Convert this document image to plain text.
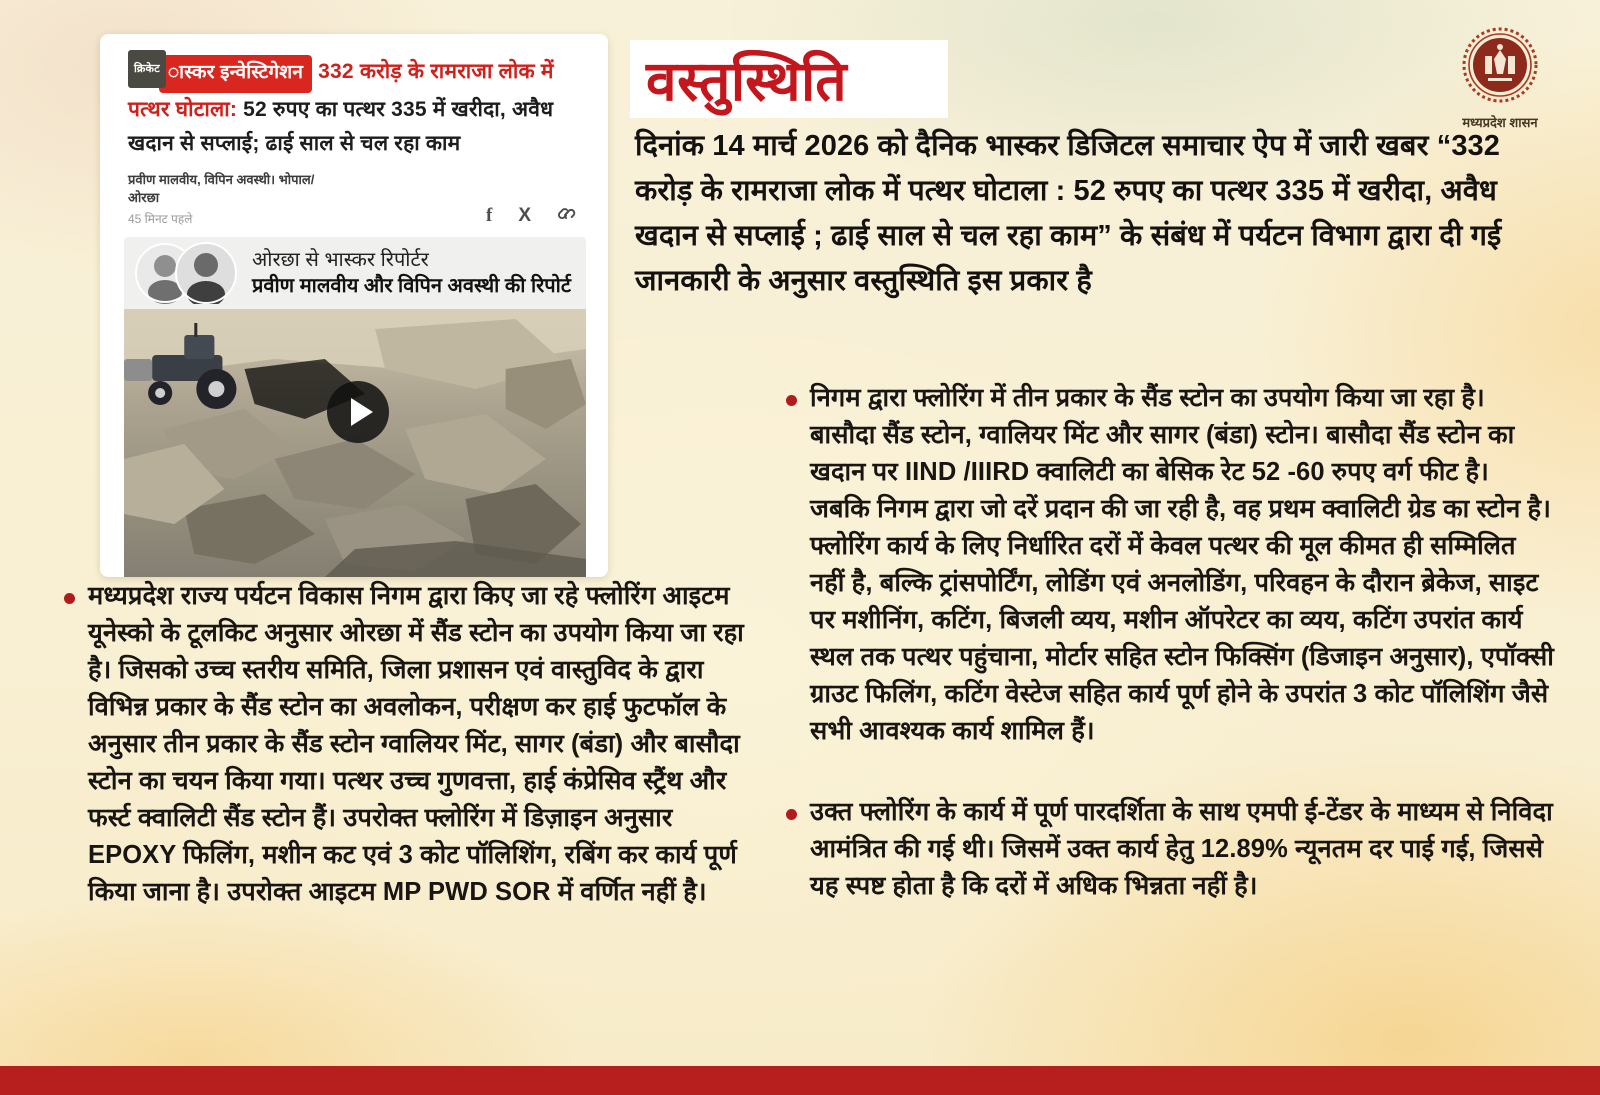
क्रिकेट ास्कर इन्वेस्टिगेशन 332 करोड़ के रामराजा लोक में पत्थर घोटाला: 52 रुपए का पत्थर 335 में खरीदा, अवैध खदान से सप्लाई; ढाई साल से चल रहा काम
प्रवीण मालवीय, विपिन अवस्थी। भोपाल/
ओरछा
45 मिनट पहले	f X
ओरछा से भास्कर रिपोर्टर
प्रवीण मालवीय और विपिन अवस्थी की रिपोर्ट
वस्तुस्थिति
दिनांक 14 मार्च 2026 को दैनिक भास्कर डिजिटल समाचार ऐप में जारी खबर “332 करोड़ के रामराजा लोक में पत्थर घोटाला : 52 रुपए का पत्थर 335 में खरीदा, अवैध खदान से सप्लाई ; ढाई साल से चल रहा काम” के संबंध में पर्यटन विभाग द्वारा दी गई जानकारी के अनुसार वस्तुस्थिति इस प्रकार है
निगम द्वारा फ्लोरिंग में तीन प्रकार के सैंड स्टोन का उपयोग किया जा रहा है। बासौदा सैंड स्टोन, ग्वालियर मिंट और सागर (बंडा) स्टोन। बासौदा सैंड स्टोन का खदान पर IIND /IIIRD क्वालिटी का बेसिक रेट 52 -60 रुपए वर्ग फीट है। जबकि निगम द्वारा जो दरें प्रदान की जा रही है, वह प्रथम क्वालिटी ग्रेड का स्टोन है। फ्लोरिंग कार्य के लिए निर्धारित दरों में केवल पत्थर की मूल कीमत ही सम्मिलित नहीं है, बल्कि ट्रांसपोर्टिंग, लोडिंग एवं अनलोडिंग, परिवहन के दौरान ब्रेकेज, साइट पर मशीनिंग, कटिंग, बिजली व्यय, मशीन ऑपरेटर का व्यय, कटिंग उपरांत कार्य स्थल तक पत्थर पहुंचाना, मोर्टार सहित स्टोन फिक्सिंग (डिजाइन अनुसार), एपॉक्सी ग्राउट फिलिंग, कटिंग वेस्टेज सहित कार्य पूर्ण होने के उपरांत 3 कोट पॉलिशिंग जैसे सभी आवश्यक कार्य शामिल हैं।
उक्त फ्लोरिंग के कार्य में पूर्ण पारदर्शिता के साथ एमपी ई-टेंडर के माध्यम से निविदा आमंत्रित की गई थी। जिसमें उक्त कार्य हेतु 12.89% न्यूनतम दर पाई गई, जिससे यह स्पष्ट होता है कि दरों में अधिक भिन्नता नहीं है।
मध्यप्रदेश राज्य पर्यटन विकास निगम द्वारा किए जा रहे फ्लोरिंग आइटम यूनेस्को के टूलकिट अनुसार ओरछा में सैंड स्टोन का उपयोग किया जा रहा है। जिसको उच्च स्तरीय समिति, जिला प्रशासन एवं वास्तुविद के द्वारा विभिन्न प्रकार के सैंड स्टोन का अवलोकन, परीक्षण कर हाई फुटफॉल के अनुसार तीन प्रकार के सैंड स्टोन ग्वालियर मिंट, सागर (बंडा) और बासौदा स्टोन का चयन किया गया। पत्थर उच्च गुणवत्ता, हाई कंप्रेसिव स्ट्रैंथ और फर्स्ट क्वालिटी सैंड स्टोन हैं। उपरोक्त फ्लोरिंग में डिज़ाइन अनुसार EPOXY फिलिंग, मशीन कट एवं 3 कोट पॉलिशिंग, रबिंग कर कार्य पूर्ण किया जाना है। उपरोक्त आइटम MP PWD SOR में वर्णित नहीं है।
मध्यप्रदेश शासन
